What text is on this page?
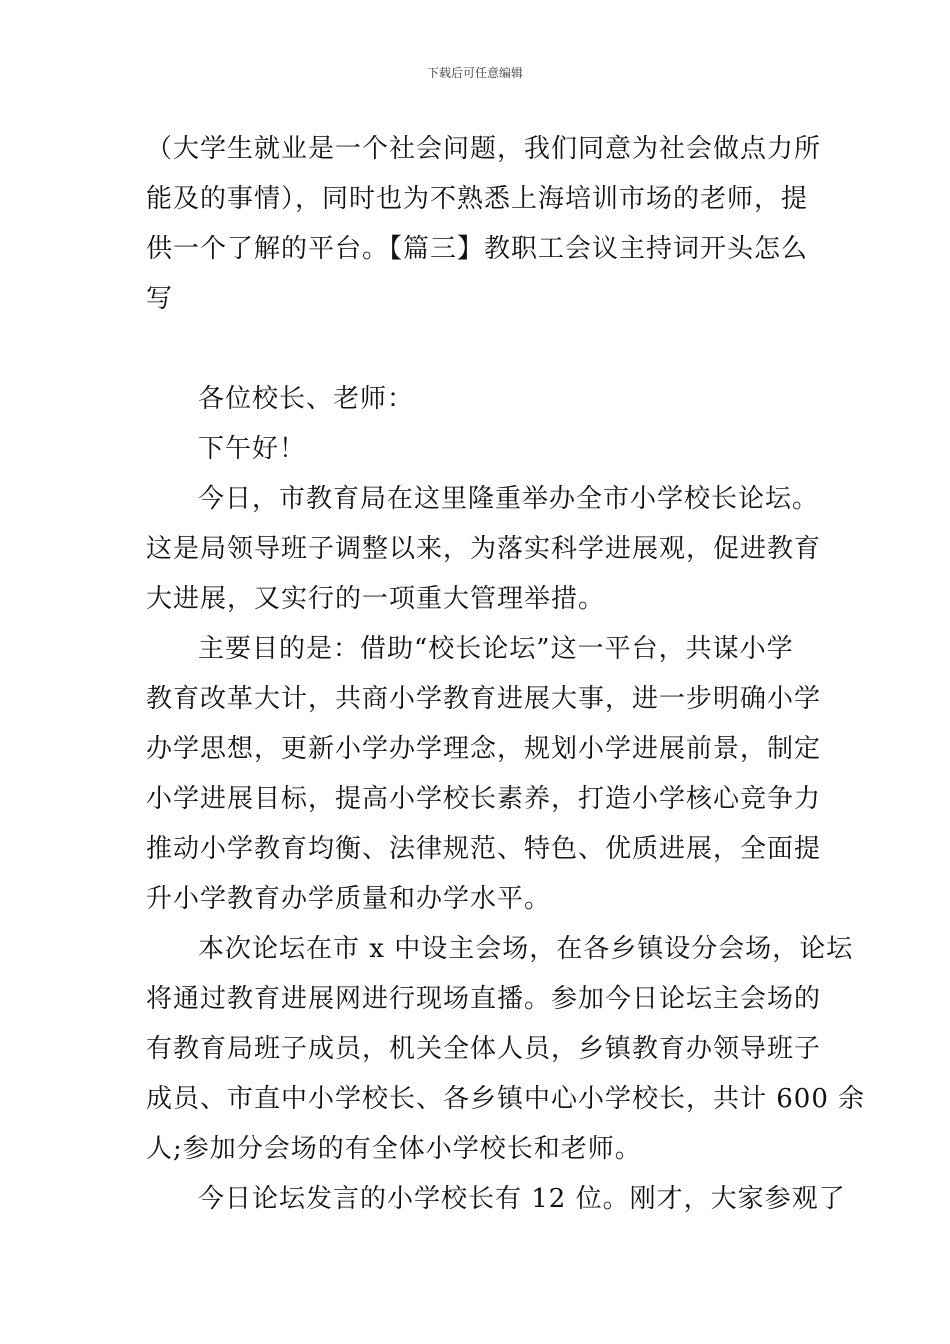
下载后可任意编辑
（大学生就业是一个社会问题，我们同意为社会做点力所
能及的事情），同时也为不熟悉上海培训市场的老师，提
供一个了解的平台。【篇三】教职工会议主持词开头怎么
写
各位校长、老师：
下午好！
今日，市教育局在这里隆重举办全市小学校长论坛。
这是局领导班子调整以来，为落实科学进展观，促进教育
大进展，又实行的一项重大管理举措。
主要目的是：借助“校长论坛”这一平台，共谋小学
教育改革大计，共商小学教育进展大事，进一步明确小学
办学思想，更新小学办学理念，规划小学进展前景，制定
小学进展目标，提高小学校长素养，打造小学核心竞争力
推动小学教育均衡、法律规范、特色、优质进展，全面提
升小学教育办学质量和办学水平。
本次论坛在市 x 中设主会场，在各乡镇设分会场，论坛
将通过教育进展网进行现场直播。参加今日论坛主会场的
有教育局班子成员，机关全体人员，乡镇教育办领导班子
成员、市直中小学校长、各乡镇中心小学校长，共计 600 余
人;参加分会场的有全体小学校长和老师。
今日论坛发言的小学校长有 12 位。刚才，大家参观了
